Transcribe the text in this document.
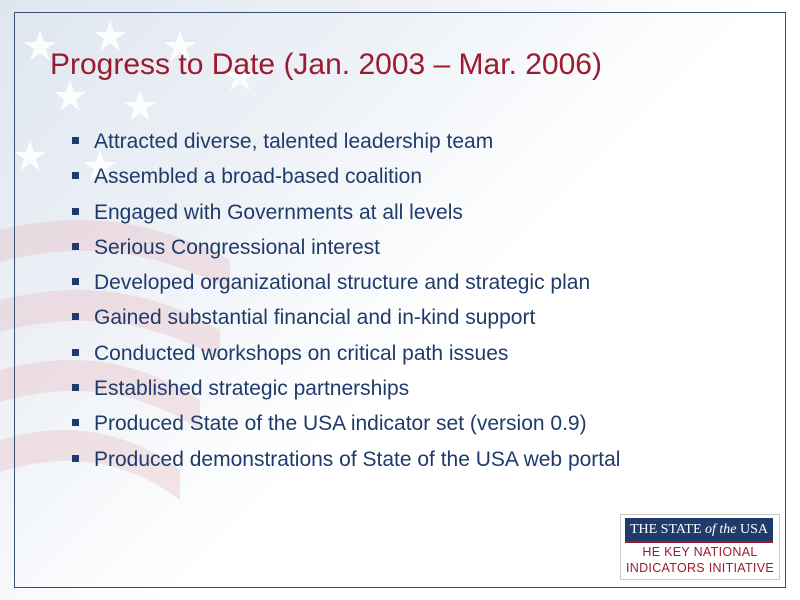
Progress to Date (Jan. 2003 – Mar. 2006)
Attracted diverse, talented leadership team
Assembled a broad-based coalition
Engaged with Governments at all levels
Serious Congressional interest
Developed organizational structure and strategic plan
Gained substantial financial and in-kind support
Conducted workshops on critical path issues
Established strategic partnerships
Produced State of the USA indicator set (version 0.9)
Produced demonstrations of State of the USA web portal
THE STATE of the USA
HE KEY NATIONAL
INDICATORS INITIATIVE
